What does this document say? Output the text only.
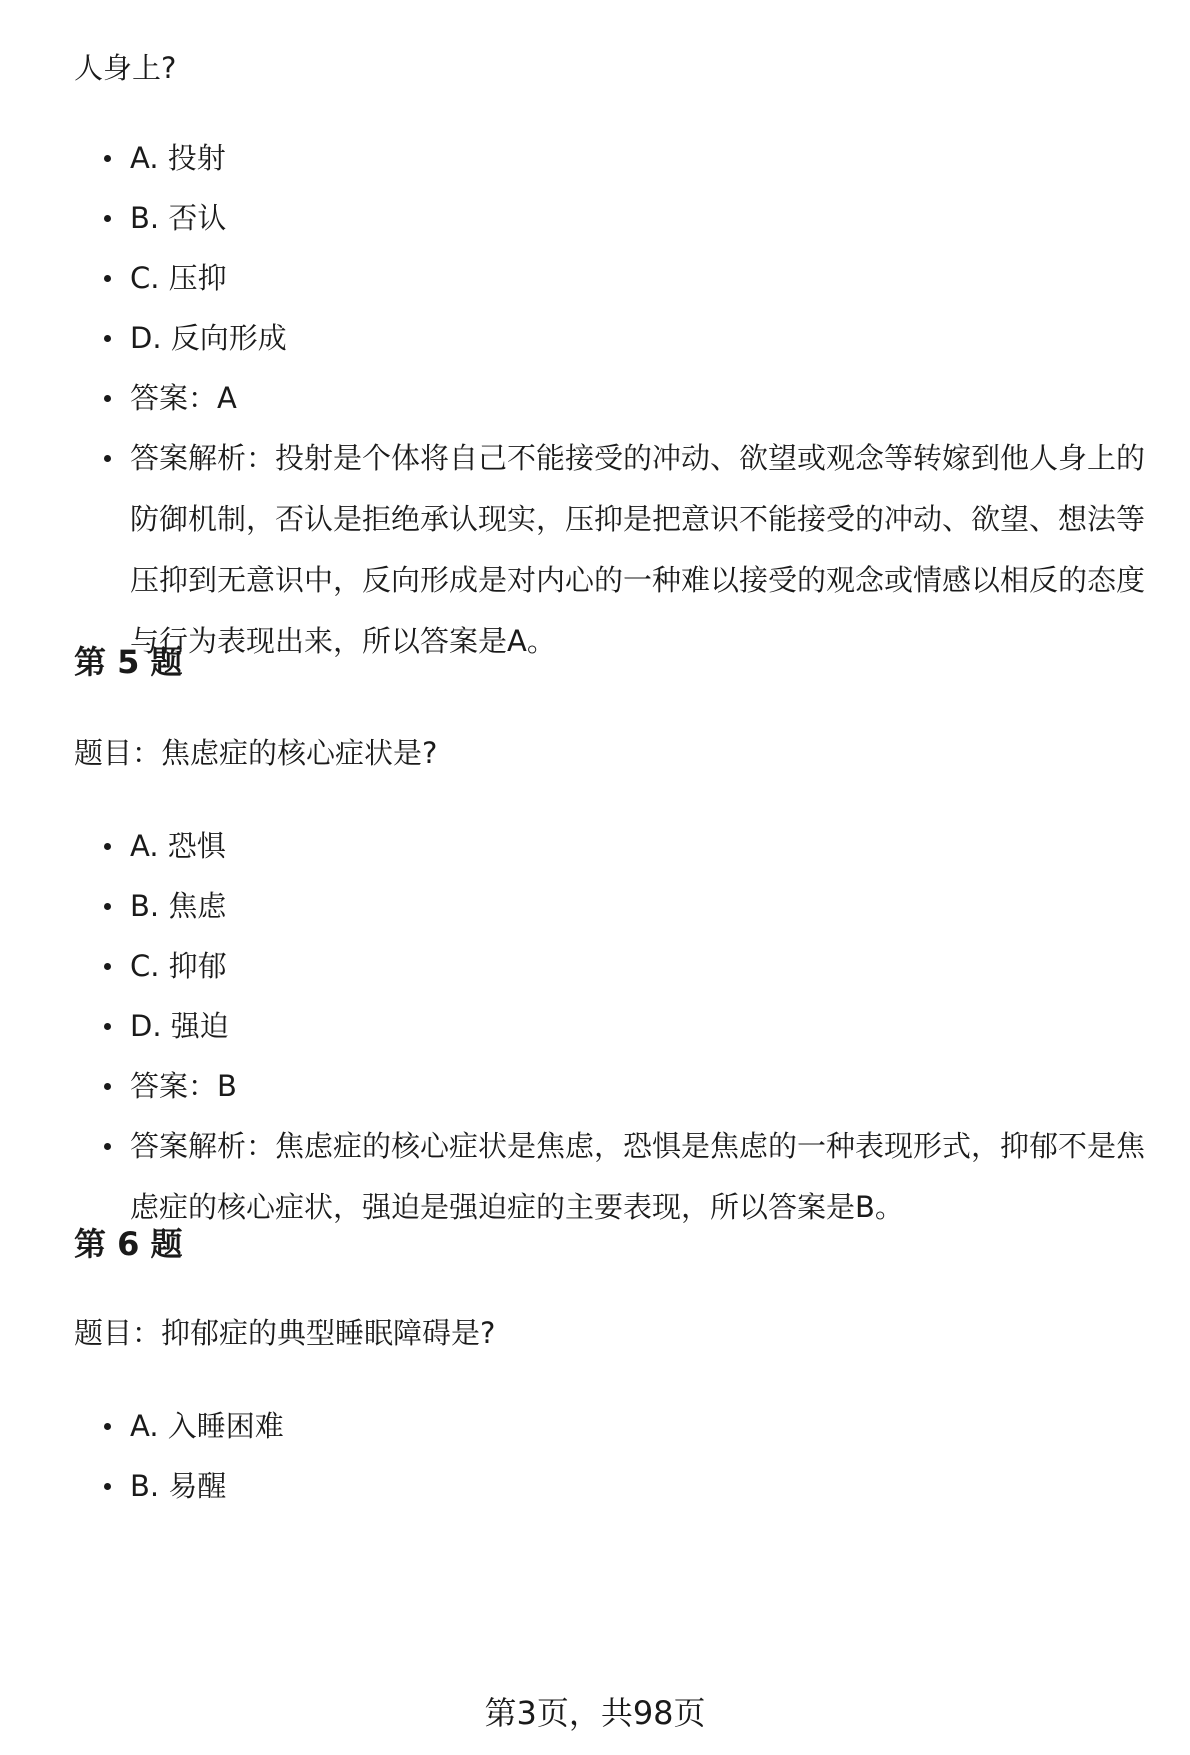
人身上?

A. 投射
B. 否认
C. 压抑
D. 反向形成
答案：A
答案解析：投射是个体将自己不能接受的冲动、欲望或观念等转嫁到他人身上的防御机制，否认是拒绝承认现实，压抑是把意识不能接受的冲动、欲望、想法等压抑到无意识中，反向形成是对内心的一种难以接受的观念或情感以相反的态度与行为表现出来，所以答案是A。
第 5 题

题目：焦虑症的核心症状是?

A. 恐惧
B. 焦虑
C. 抑郁
D. 强迫
答案：B
答案解析：焦虑症的核心症状是焦虑，恐惧是焦虑的一种表现形式，抑郁不是焦虑症的核心症状，强迫是强迫症的主要表现，所以答案是B。
第 6 题

题目：抑郁症的典型睡眠障碍是?

A. 入睡困难
B. 易醒
第3页，共98页
